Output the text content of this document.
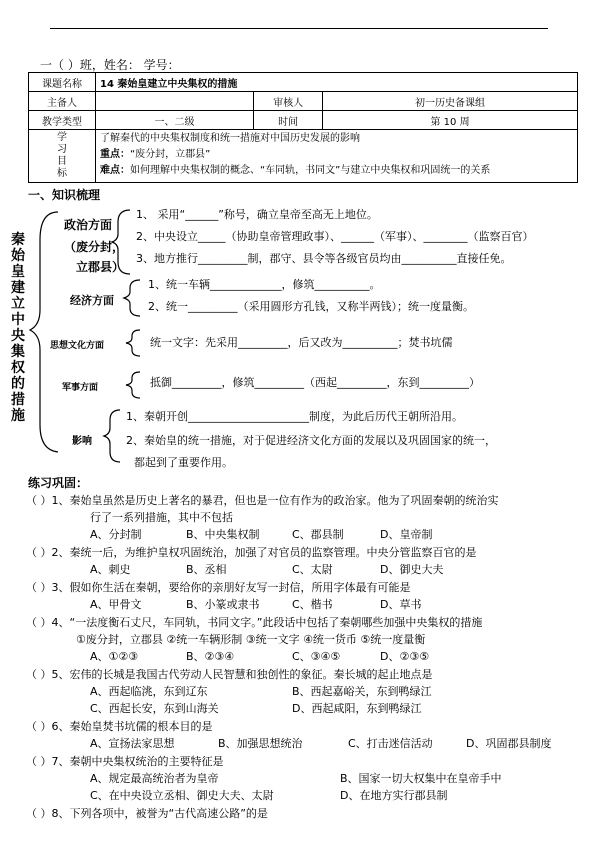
一（ ）班，姓名： 学号：
课题名称	14 秦始皇建立中央集权的措施		
主备人		审核人	初一历史备课组
教学类型	一、二级	时间	第 10 周

学习目标	了解秦代的中央集权制度和统一措施对中国历史发展的影响
重点：“废分封，立郡县”
难点：如何理解中央集权制的概念、“车同轨，书同文”与建立中央集权和巩固统一的关系		
一、知识梳理
秦始皇建立中央集权的措施
政治方面
（废分封，
立郡县）
1、 采用“______”称号，确立皇帝至高无上地位。
2、中央设立_____（协助皇帝管理政事）、______（军事）、________（监察百官）
3、地方推行_________制，郡守、县令等各级官员均由__________直接任免。
经济方面
1、统一车辆_____________，修筑__________。
2、统一_________（采用圆形方孔钱，又称半两钱）；统一度量衡。
思想文化方面	统一文字：先采用_________，后又改为__________；焚书坑儒
军事方面	抵御_________，修筑_________（西起_________，东到_________）
影响
1、秦朝开创______________________制度，为此后历代王朝所沿用。
2、秦始皇的统一措施，对于促进经济文化方面的发展以及巩固国家的统一，
都起到了重要作用。
练习巩固：
（ ）1、秦始皇虽然是历史上著名的暴君，但也是一位有作为的政治家。他为了巩固秦朝的统治实
行了一系列措施，其中不包括
A、分封制	B、中央集权制	C、郡县制	D、皇帝制
（ ）2、秦统一后，为维护皇权巩固统治，加强了对官员的监察管理。中央分管监察百官的是
A、刺史	B、丞相	C、太尉	D、御史大夫
（ ）3、假如你生活在秦朝，要给你的亲朋好友写一封信，所用字体最有可能是
A、甲骨文	B、小篆或隶书	C、楷书	D、草书
（ ）4、“一法度衡石丈尺，车同轨，书同文字。”此段话中包括了秦朝哪些加强中央集权的措施
①废分封，立郡县 ②统一车辆形制 ③统一文字 ④统一货币 ⑤统一度量衡
A、①②③	B、②③④	C、③④⑤	D、②③⑤
（ ）5、宏伟的长城是我国古代劳动人民智慧和独创性的象征。秦长城的起止地点是
A、西起临洮，东到辽东	B、西起嘉峪关，东到鸭绿江
C、西起长安，东到山海关	D、西起咸阳，东到鸭绿江
（ ）6、秦始皇焚书坑儒的根本目的是
A、宣扬法家思想	B、加强思想统治	C、打击迷信活动	D、巩固郡县制度
（ ）7、秦朝中央集权统治的主要特征是
A、规定最高统治者为皇帝	B、国家一切大权集中在皇帝手中
C、在中央设立丞相、御史大夫、太尉	D、在地方实行郡县制
（ ）8、下列各项中，被誉为“古代高速公路”的是
